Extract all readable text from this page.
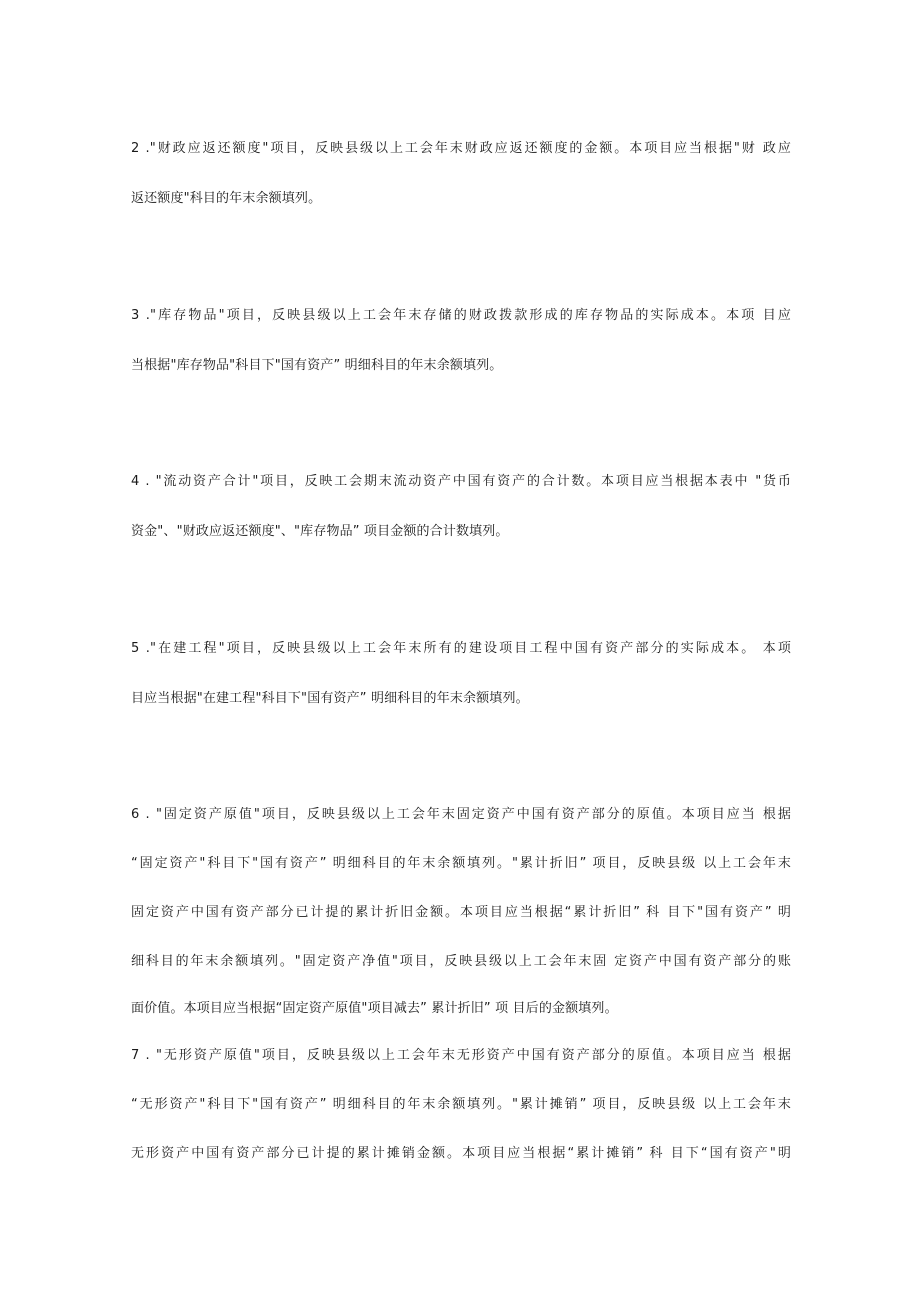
2 ."财政应返还额度"项目，反映县级以上工会年末财政应返还额度的金额。本项目应当根据"财 政应
返还额度"科目的年末余额填列。
3 ."库存物品"项目，反映县级以上工会年末存储的财政拨款形成的库存物品的实际成本。本项 目应
当根据"库存物品"科目下"国有资产” 明细科目的年末余额填列。
4 . "流动资产合计"项目，反映工会期末流动资产中国有资产的合计数。本项目应当根据本表中 "货币
资金"、"财政应返还额度"、"库存物品” 项目金额的合计数填列。
5 ."在建工程"项目，反映县级以上工会年末所有的建设项目工程中国有资产部分的实际成本。 本项
目应当根据"在建工程"科目下"国有资产” 明细科目的年末余额填列。
6 . "固定资产原值"项目，反映县级以上工会年末固定资产中国有资产部分的原值。本项目应当 根据
“固定资产"科目下"国有资产” 明细科目的年末余额填列。"累计折旧” 项目，反映县级 以上工会年末
固定资产中国有资产部分已计提的累计折旧金额。本项目应当根据“累计折旧” 科 目下"国有资产” 明
细科目的年末余额填列。"固定资产净值"项目，反映县级以上工会年末固 定资产中国有资产部分的账
面价值。本项目应当根据“固定资产原值"项目减去” 累计折旧” 项 目后的金额填列。
7 . "无形资产原值"项目，反映县级以上工会年末无形资产中国有资产部分的原值。本项目应当 根据
“无形资产"科目下"国有资产” 明细科目的年末余额填列。"累计摊销” 项目，反映县级 以上工会年末
无形资产中国有资产部分已计提的累计摊销金额。本项目应当根据“累计摊销” 科 目下“国有资产"明
